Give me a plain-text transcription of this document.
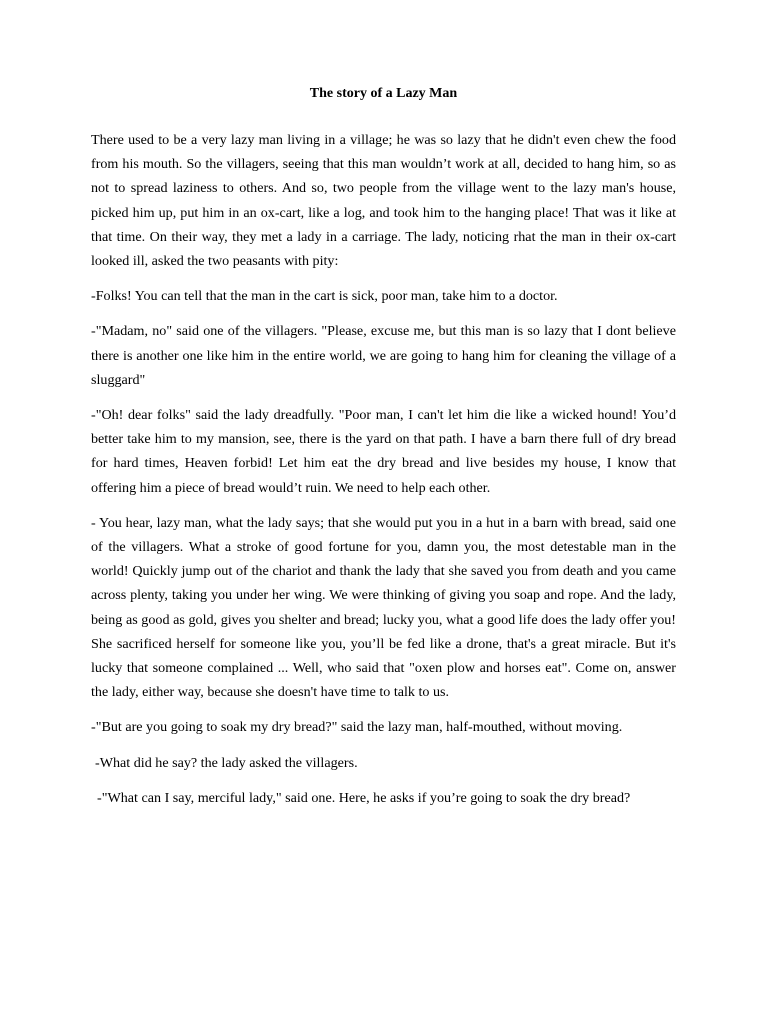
The story of a Lazy Man

There used to be a very lazy man living in a village; he was so lazy that he didn't even chew the food from his mouth. So the villagers, seeing that this man wouldn’t work at all, decided to hang him, so as not to spread laziness to others. And so, two people from the village went to the lazy man's house, picked him up, put him in an ox-cart, like a log, and took him to the hanging place! That was it like at that time. On their way, they met a lady in a carriage. The lady, noticing rhat the man in their ox-cart looked ill, asked the two peasants with pity:

-Folks! You can tell that the man in the cart is sick, poor man, take him to a doctor.

-"Madam, no" said one of the villagers. "Please, excuse me, but this man is so lazy that I dont believe there is another one like him in the entire world, we are going to hang him for cleaning the village of a sluggard"

-"Oh! dear folks" said the lady dreadfully. "Poor man, I can't let him die like a wicked hound! You’d better take him to my mansion, see, there is the yard on that path. I have a barn there full of dry bread for hard times, Heaven forbid! Let him eat the dry bread and live besides my house, I know that offering him a piece of bread would’t ruin. We need to help each other.

- You hear, lazy man, what the lady says; that she would put you in a hut in a barn with bread, said one of the villagers. What a stroke of good fortune for you, damn you, the most detestable man in the world! Quickly jump out of the chariot and thank the lady that she saved you from death and you came across plenty, taking you under her wing. We were thinking of giving you soap and rope. And the lady, being as good as gold, gives you shelter and bread; lucky you, what a good life does the lady offer you! She sacrificed herself for someone like you, you’ll be fed like a drone, that's a great miracle. But it's lucky that someone complained ... Well, who said that "oxen plow and horses eat". Come on, answer the lady, either way, because she doesn't have time to talk to us.

-"But are you going to soak my dry bread?" said the lazy man, half-mouthed, without moving.

-What did he say? the lady asked the villagers.

-"What can I say, merciful lady," said one. Here, he asks if you’re going to soak the dry bread?
